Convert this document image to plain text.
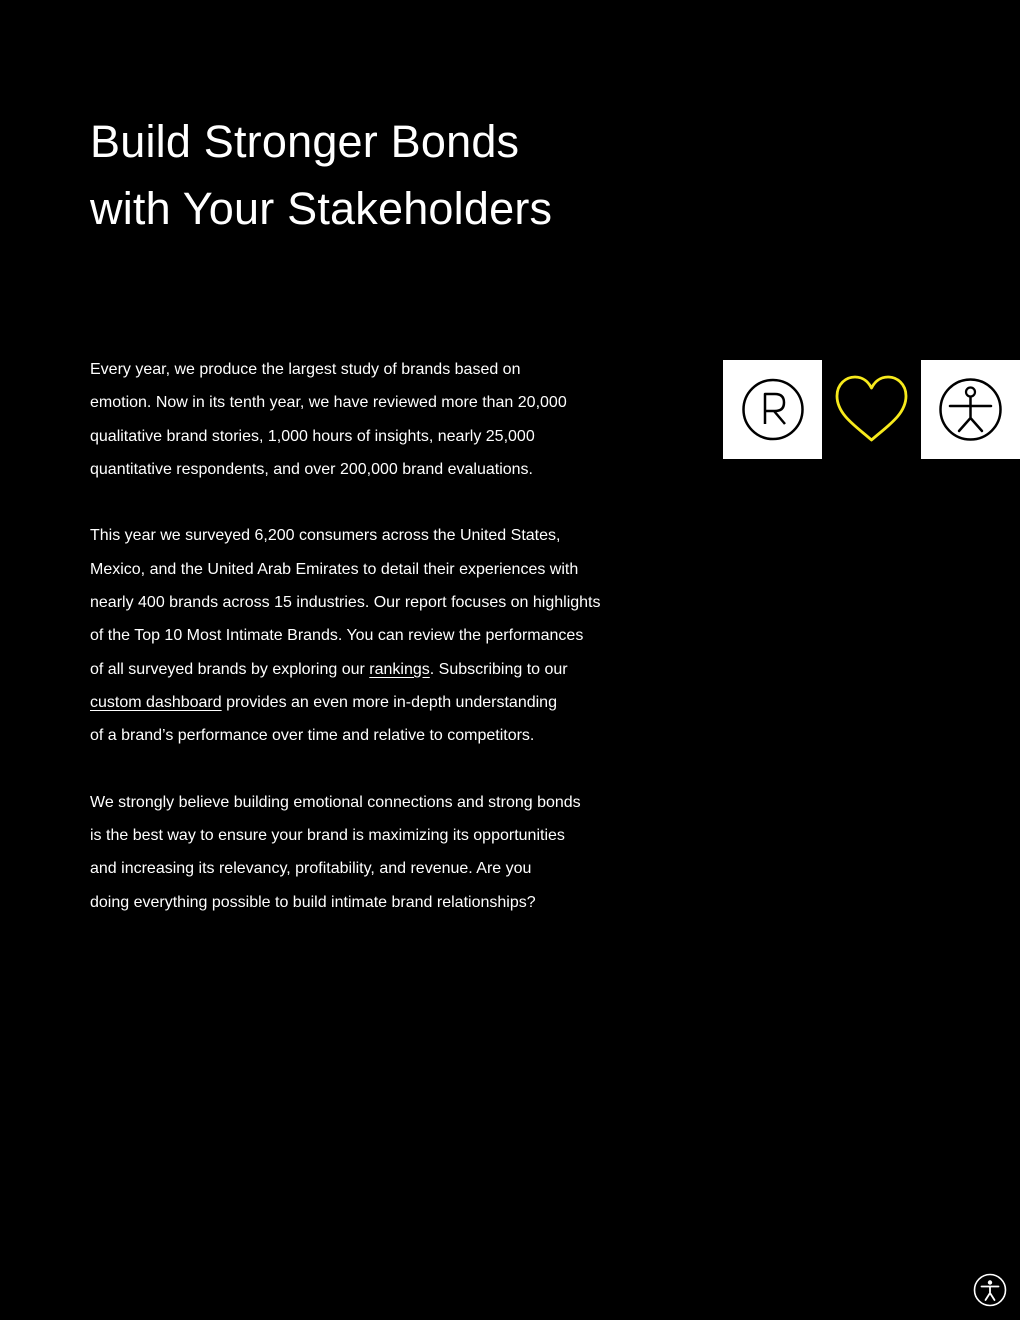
Build Stronger Bonds
with Your Stakeholders

Every year, we produce the largest study of brands based on
emotion. Now in its tenth year, we have reviewed more than 20,000
qualitative brand stories, 1,000 hours of insights, nearly 25,000
quantitative respondents, and over 200,000 brand evaluations.

This year we surveyed 6,200 consumers across the United States,
Mexico, and the United Arab Emirates to detail their experiences with
nearly 400 brands across 15 industries. Our report focuses on highlights
of the Top 10 Most Intimate Brands. You can review the performances
of all surveyed brands by exploring our rankings. Subscribing to our
custom dashboard provides an even more in-depth understanding
of a brand’s performance over time and relative to competitors.

We strongly believe building emotional connections and strong bonds
is the best way to ensure your brand is maximizing its opportunities
and increasing its relevancy, profitability, and revenue. Are you
doing everything possible to build intimate brand relationships?
